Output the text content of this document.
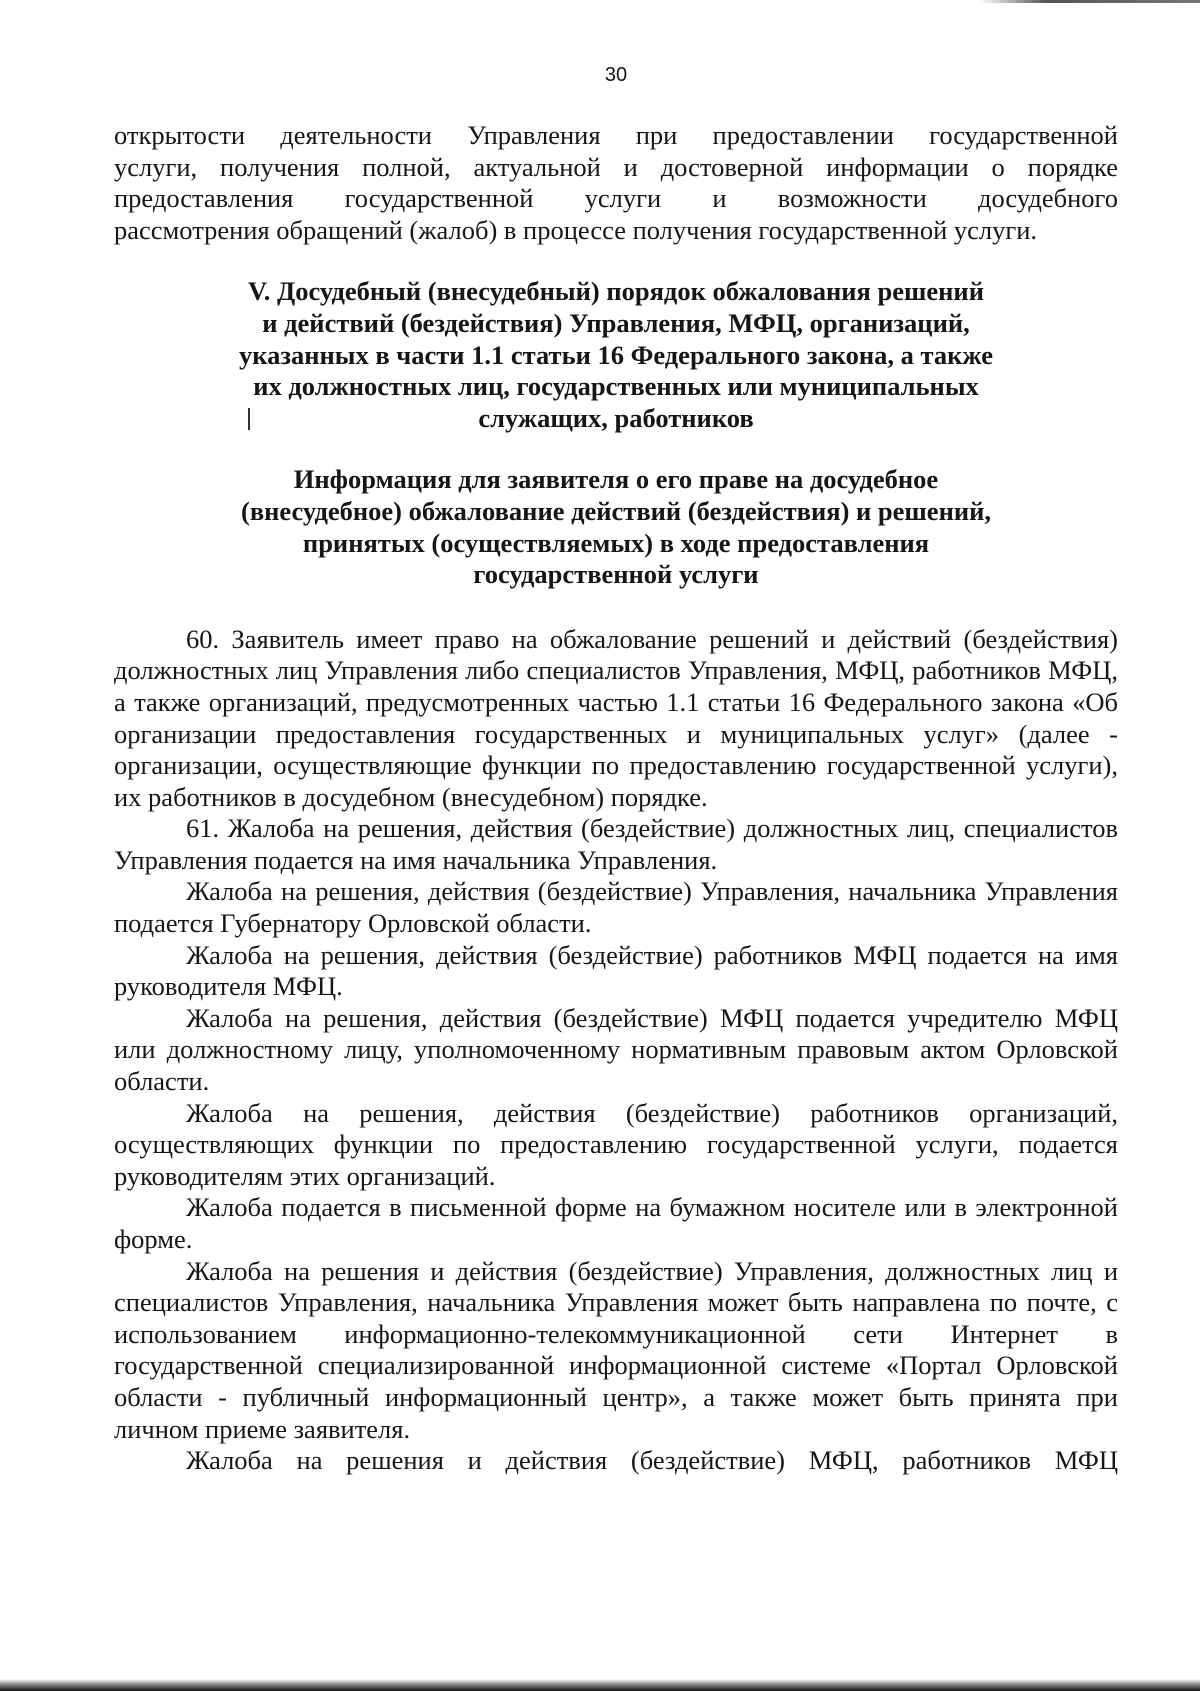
30

открытости деятельности Управления при предоставлении государственной

услуги, получения полной, актуальной и достоверной информации о порядке

предоставления государственной услуги и возможности досудебного

рассмотрения обращений (жалоб) в процессе получения государственной услуги.

V. Досудебный (внесудебный) порядок обжалования решений
и действий (бездействия) Управления, МФЦ, организаций,
указанных в части 1.1 статьи 16 Федерального закона, а также
их должностных лиц, государственных или муниципальных
служащих, работников
Информация для заявителя о его праве на досудебное
(внесудебное) обжалование действий (бездействия) и решений,
принятых (осуществляемых) в ходе предоставления
государственной услуги

60. Заявитель имеет право на обжалование решений и действий (бездействия) должностных лиц Управления либо специалистов Управления, МФЦ, работников МФЦ, а также организаций, предусмотренных частью 1.1 статьи 16 Федерального закона «Об организации предоставления государственных и муниципальных услуг» (далее - организации, осуществляющие функции по предоставлению государственной услуги), их работников в досудебном (внесудебном) порядке.

61. Жалоба на решения, действия (бездействие) должностных лиц, специалистов Управления подается на имя начальника Управления.

Жалоба на решения, действия (бездействие) Управления, начальника Управления подается Губернатору Орловской области.

Жалоба на решения, действия (бездействие) работников МФЦ подается на имя руководителя МФЦ.

Жалоба на решения, действия (бездействие) МФЦ подается учредителю МФЦ или должностному лицу, уполномоченному нормативным правовым актом Орловской области.

Жалоба на решения, действия (бездействие) работников организаций, осуществляющих функции по предоставлению государственной услуги, подается руководителям этих организаций.

Жалоба подается в письменной форме на бумажном носителе или в электронной форме.

Жалоба на решения и действия (бездействие) Управления, должностных лиц и специалистов Управления, начальника Управления может быть направлена по почте, с использованием информационно-телекоммуникационной сети Интернет в государственной специализированной информационной системе «Портал Орловской области - публичный информационный центр», а также может быть принята при личном приеме заявителя.

Жалоба на решения и действия (бездействие) МФЦ, работников МФЦ
